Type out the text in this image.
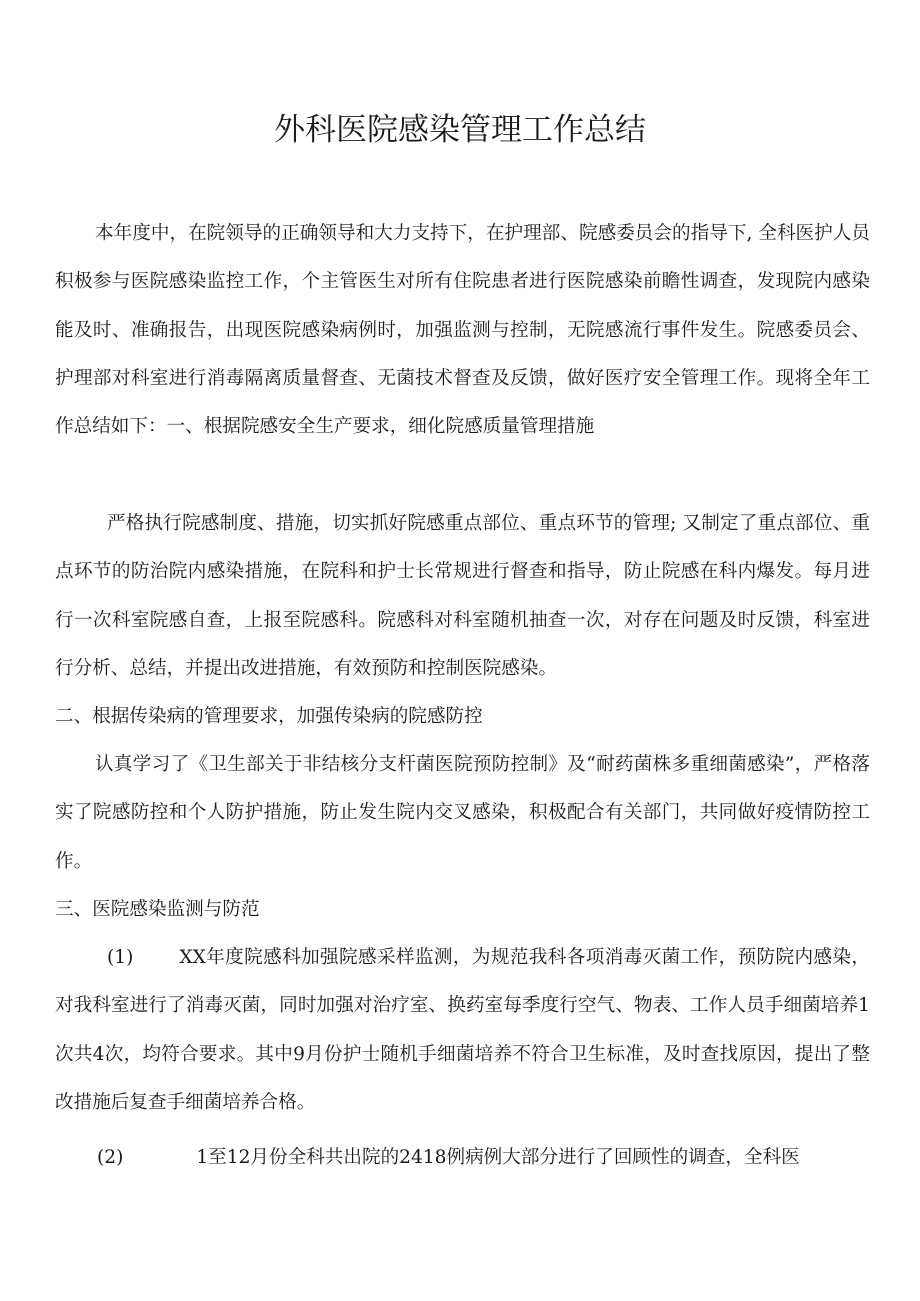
外科医院感染管理工作总结

本年度中，在院领导的正确领导和大力支持下，在护理部、院感委员会的指导下, 全科医护人员积极参与医院感染监控工作，个主管医生对所有住院患者进行医院感染前瞻性调查，发现院内感染能及时、准确报告，出现医院感染病例时，加强监测与控制，无院感流行事件发生。院感委员会、护理部对科室进行消毒隔离质量督查、无菌技术督查及反馈，做好医疗安全管理工作。现将全年工作总结如下：一、根据院感安全生产要求，细化院感质量管理措施

严格执行院感制度、措施，切实抓好院感重点部位、重点环节的管理; 又制定了重点部位、重点环节的防治院内感染措施，在院科和护士长常规进行督查和指导，防止院感在科内爆发。每月进行一次科室院感自查，上报至院感科。院感科对科室随机抽查一次，对存在问题及时反馈，科室进行分析、总结，并提出改进措施，有效预防和控制医院感染。

二、根据传染病的管理要求，加强传染病的院感防控

认真学习了《卫生部关于非结核分支杆菌医院预防控制》及“耐药菌株多重细菌感染”，严格落实了院感防控和个人防护措施，防止发生院内交叉感染，积极配合有关部门，共同做好疫情防控工作。

三、医院感染监测与防范

(1) XX年度院感科加强院感采样监测，为规范我科各项消毒灭菌工作，预防院内感染，对我科室进行了消毒灭菌，同时加强对治疗室、换药室每季度行空气、物表、工作人员手细菌培养1次共4次，均符合要求。其中9月份护士随机手细菌培养不符合卫生标准，及时查找原因，提出了整改措施后复查手细菌培养合格。

(2)	1至12月份全科共出院的2418例病例大部分进行了回顾性的调查，全科医
